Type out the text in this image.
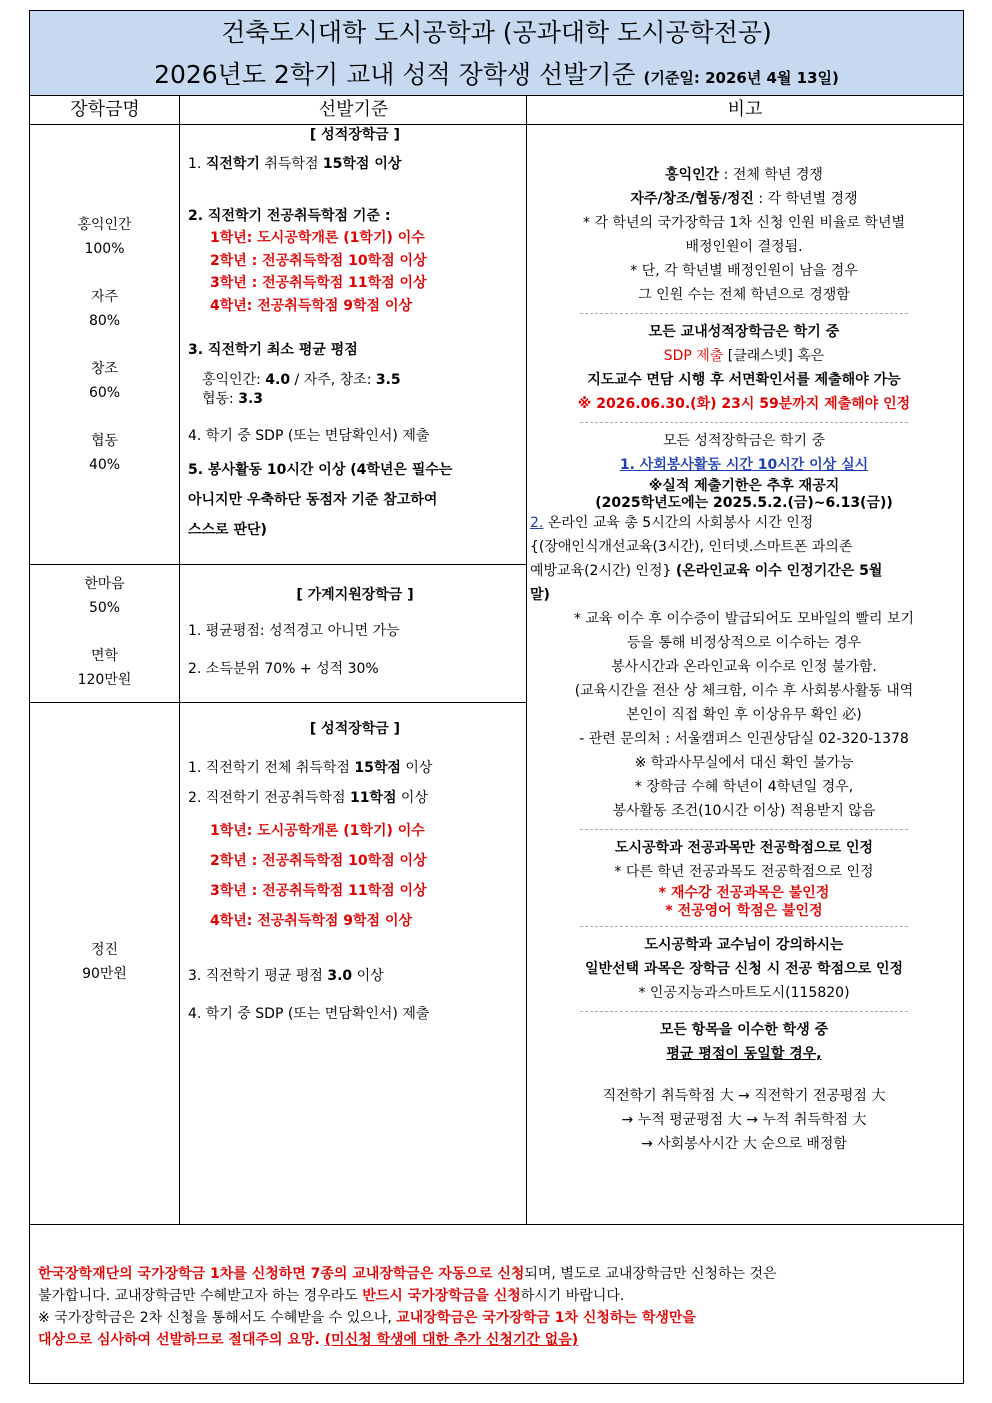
건축도시대학 도시공학과 (공과대학 도시공학전공)
2026년도 2학기 교내 성적 장학생 선발기준 (기준일: 2026년 4월 13일)
장학금명	선발기준	비고
홍익인간
100%
자주
80%
창조
60%
협동
40%

[ 성적장학금 ]

1. 직전학기 취득학점 15학점 이상

2. 직전학기 전공취득학점 기준 :

1학년: 도시공학개론 (1학기) 이수

2학년 : 전공취득학점 10학점 이상

3학년 : 전공취득학점 11학점 이상

4학년: 전공취득학점 9학점 이상

3. 직전학기 최소 평균 평점

홍익인간: 4.0 / 자주, 창조: 3.5

협동: 3.3

4. 학기 중 SDP (또는 면담확인서) 제출

5. 봉사활동 10시간 이상 (4학년은 필수는

아니지만 우축하단 동점자 기준 참고하여

스스로 판단)

한마음
50%
면학
120만원

[ 가계지원장학금 ]

1. 평균평점: 성적경고 아니면 가능

2. 소득분위 70% + 성적 30%

정진
90만원

[ 성적장학금 ]

1. 직전학기 전체 취득학점 15학점 이상

2. 직전학기 전공취득학점 11학점 이상

1학년: 도시공학개론 (1학기) 이수

2학년 : 전공취득학점 10학점 이상

3학년 : 전공취득학점 11학점 이상

4학년: 전공취득학점 9학점 이상

3. 직전학기 평균 평점 3.0 이상

4. 학기 중 SDP (또는 면담확인서) 제출

홍익인간 : 전체 학년 경쟁

자주/창조/협동/정진 : 각 학년별 경쟁

* 각 학년의 국가장학금 1차 신청 인원 비율로 학년별

배정인원이 결정됨.

* 단, 각 학년별 배정인원이 남을 경우

그 인원 수는 전체 학년으로 경쟁함

모든 교내성적장학금은 학기 중

SDP 제출 [클래스넷] 혹은

지도교수 면담 시행 후 서면확인서를 제출해야 가능

※ 2026.06.30.(화) 23시 59분까지 제출해야 인정

모든 성적장학금은 학기 중

1. 사회봉사활동 시간 10시간 이상 실시

※실적 제출기한은 추후 재공지

(2025학년도에는 2025.5.2.(금)~6.13(금))

2. 온라인 교육 총 5시간의 사회봉사 시간 인정

{(장애인식개선교육(3시간), 인터넷.스마트폰 과의존

예방교육(2시간) 인정} (온라인교육 이수 인정기간은 5월

말)

* 교육 이수 후 이수증이 발급되어도 모바일의 빨리 보기

등을 통해 비정상적으로 이수하는 경우

봉사시간과 온라인교육 이수로 인정 불가함.

(교육시간을 전산 상 체크함, 이수 후 사회봉사활동 내역

본인이 직접 확인 후 이상유무 확인 必)

- 관련 문의처 : 서울캠퍼스 인권상담실 02-320-1378

※ 학과사무실에서 대신 확인 불가능

* 장학금 수혜 학년이 4학년일 경우,

봉사활동 조건(10시간 이상) 적용받지 않음

도시공학과 전공과목만 전공학점으로 인정

* 다른 학년 전공과목도 전공학점으로 인정

* 재수강 전공과목은 불인정

* 전공영어 학점은 불인정

도시공학과 교수님이 강의하시는

일반선택 과목은 장학금 신청 시 전공 학점으로 인정

* 인공지능과스마트도시(115820)

모든 항목을 이수한 학생 중

평균 평점이 동일할 경우,

직전학기 취득학점 大 → 직전학기 전공평점 大

→ 누적 평균평점 大 → 누적 취득학점 大

→ 사회봉사시간 大 순으로 배정함

한국장학재단의 국가장학금 1차를 신청하면 7종의 교내장학금은 자동으로 신청되며, 별도로 교내장학금만 신청하는 것은

불가합니다. 교내장학금만 수혜받고자 하는 경우라도 반드시 국가장학금을 신청하시기 바랍니다.

※ 국가장학금은 2차 신청을 통해서도 수혜받을 수 있으나, 교내장학금은 국가장학금 1차 신청하는 학생만을

대상으로 심사하여 선발하므로 절대주의 요망. (미신청 학생에 대한 추가 신청기간 없음)
